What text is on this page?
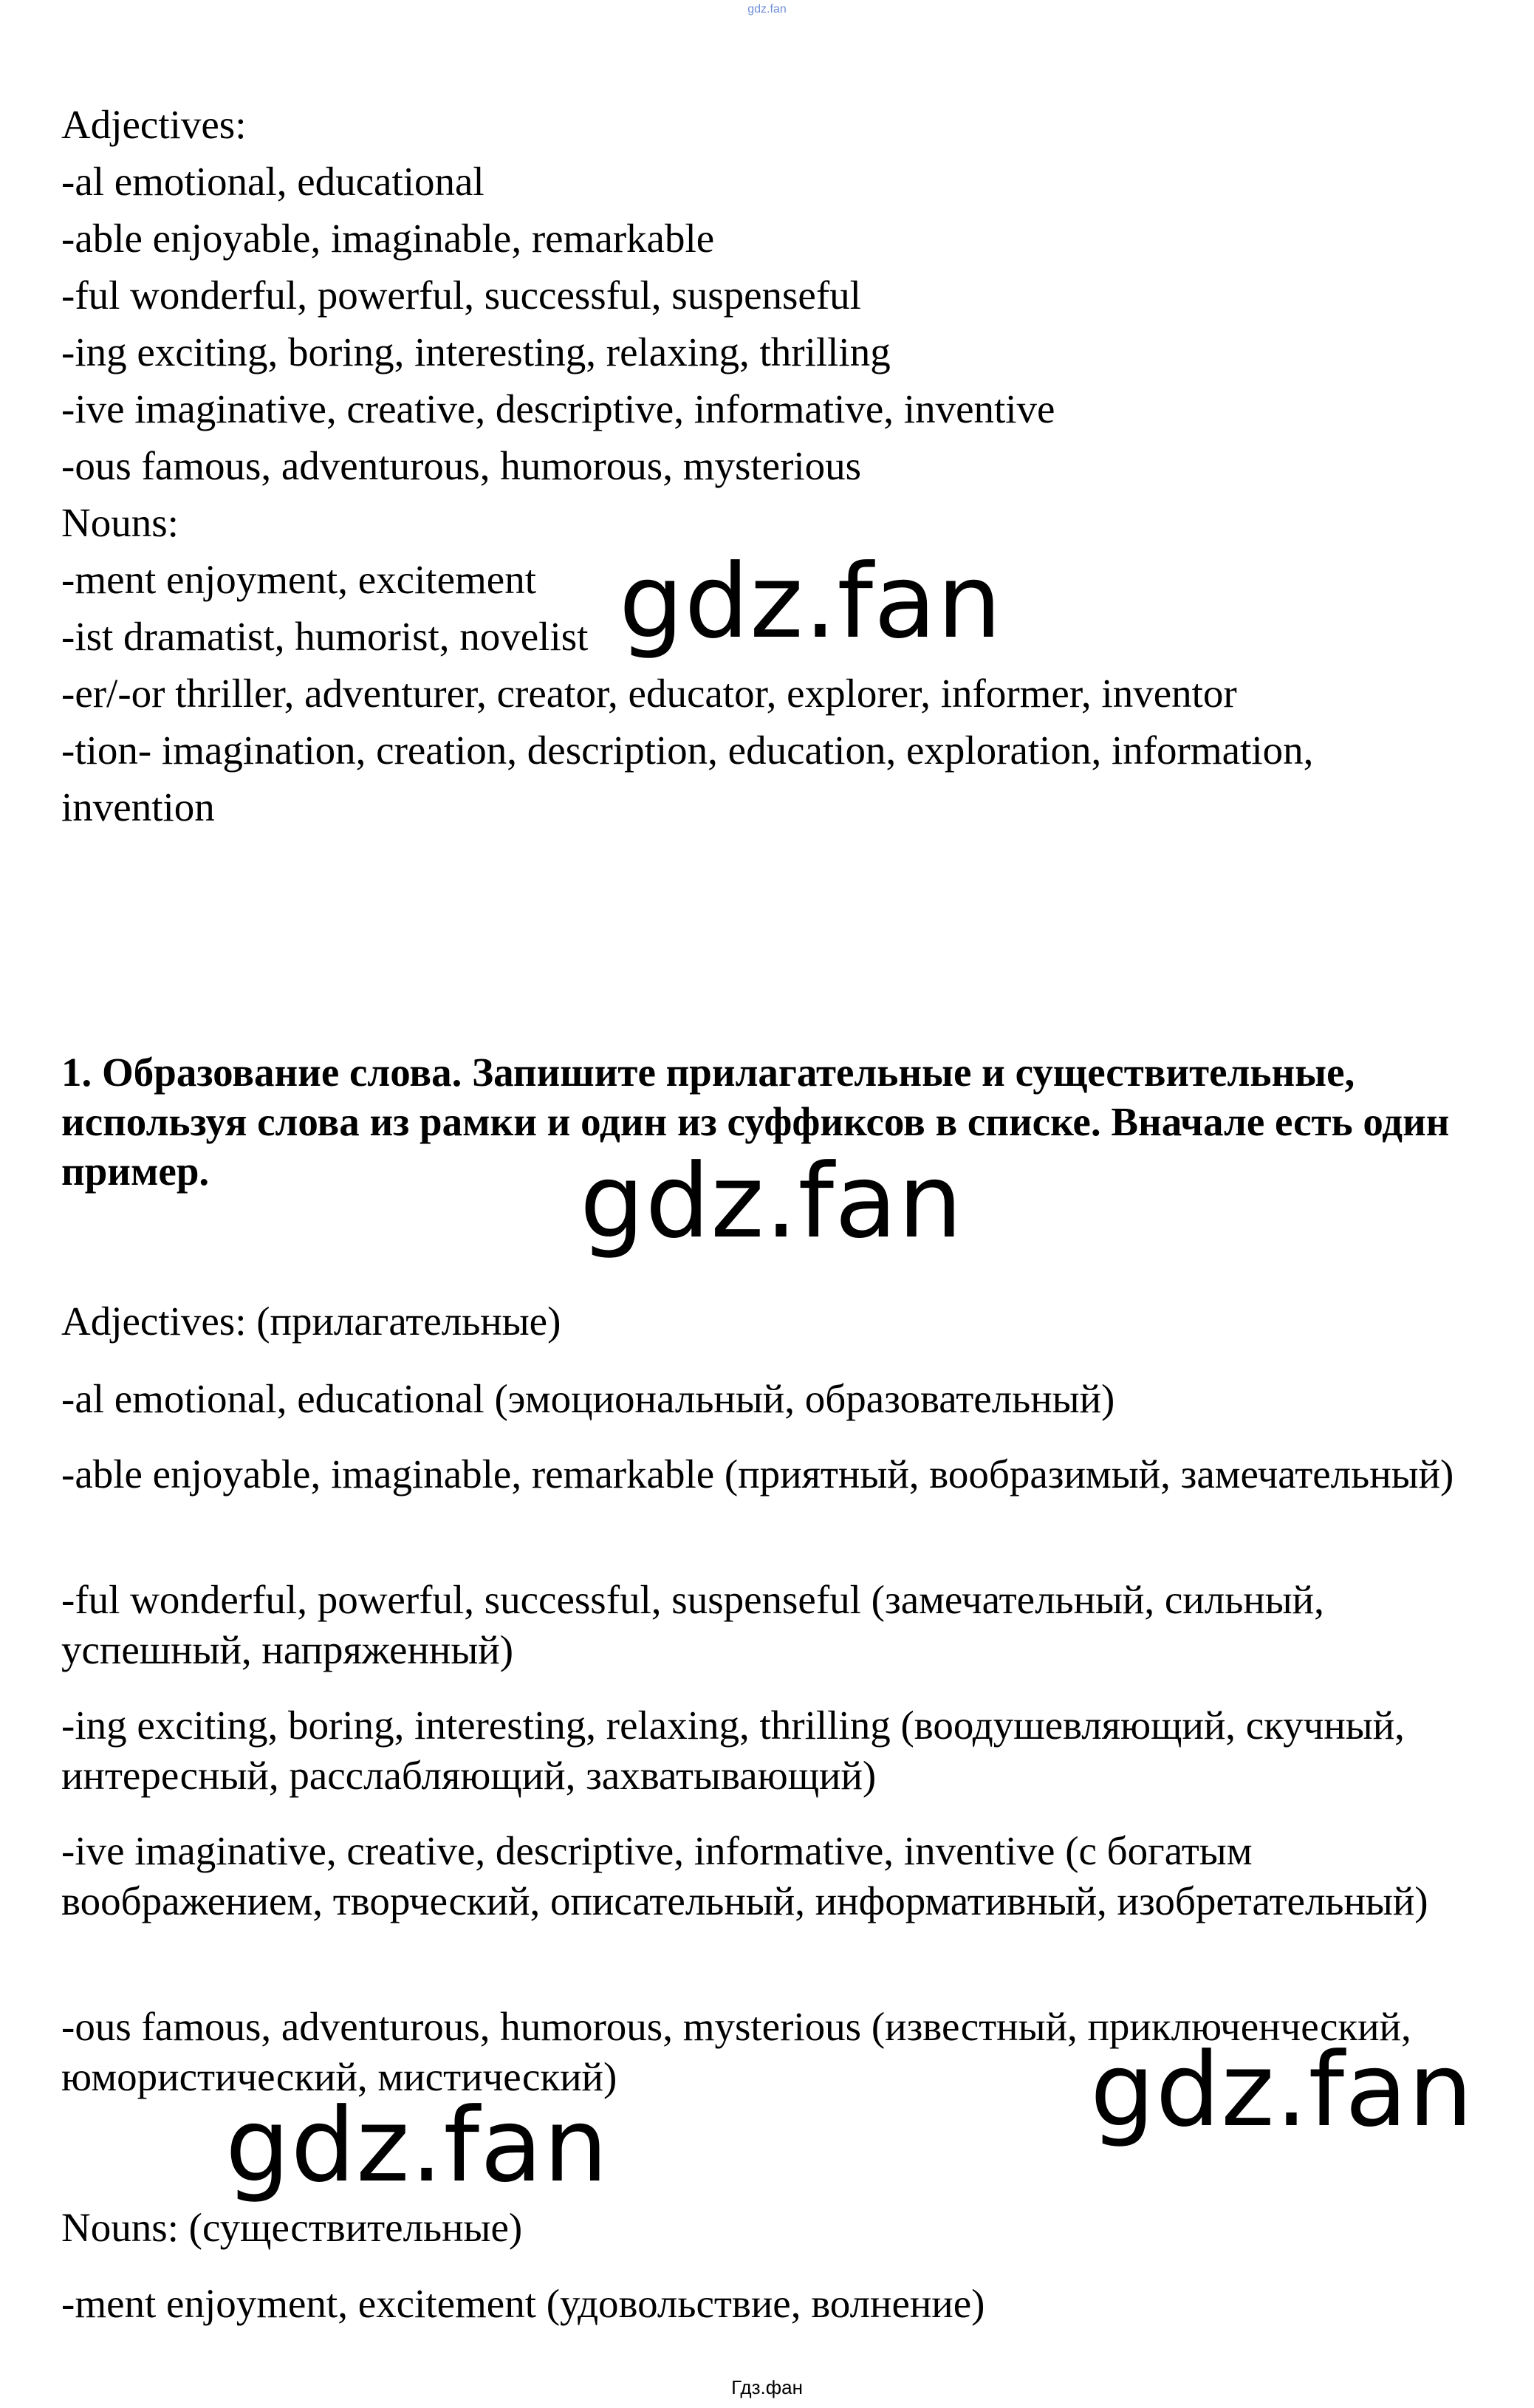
gdz.fan
Adjectives:
-al emotional, educational
-able enjoyable, imaginable, remarkable
-ful wonderful, powerful, successful, suspenseful
-ing exciting, boring, interesting, relaxing, thrilling
-ive imaginative, creative, descriptive, informative, inventive
-ous famous, adventurous, humorous, mysterious
Nouns:
-ment enjoyment, excitement
-ist dramatist, humorist, novelist
-er/-or thriller, adventurer, creator, educator, explorer, informer, inventor
-tion- imagination, creation, description, education, exploration, information,
invention
1. Образование слова. Запишите прилагательные и существительные, используя слова из рамки и один из суффиксов в списке. Вначале есть один пример.
Adjectives: (прилагательные)
-al emotional, educational (эмоциональный, образовательный)
-able enjoyable, imaginable, remarkable (приятный, вообразимый, замечательный)
-ful wonderful, powerful, successful, suspenseful (замечательный, сильный, успешный, напряженный)
-ing exciting, boring, interesting, relaxing, thrilling (воодушевляющий, скучный, интересный, расслабляющий, захватывающий)
-ive imaginative, creative, descriptive, informative, inventive (с богатым воображением, творческий, описательный, информативный, изобретательный)
-ous famous, adventurous, humorous, mysterious (известный, приключенческий, юмористический, мистический)
Nouns: (существительные)
-ment enjoyment, excitement (удовольствие, волнение)
gdz.fan
gdz.fan
gdz.fan
gdz.fan
Гдз.фан
